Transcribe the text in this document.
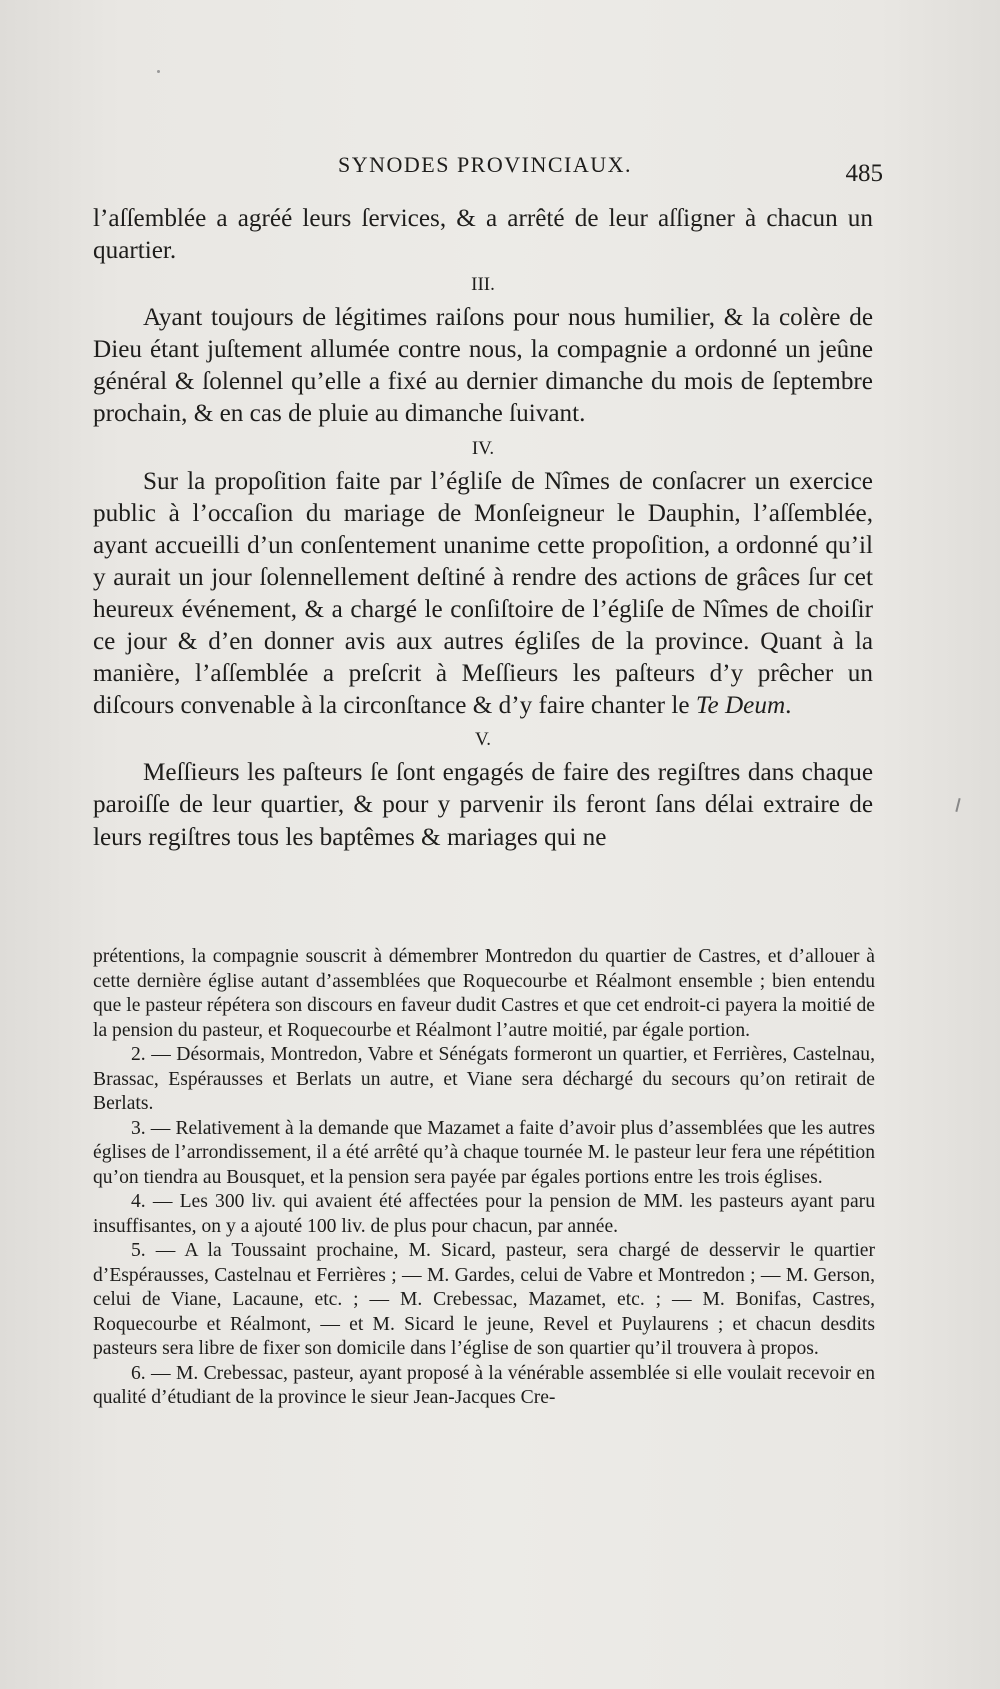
SYNODES PROVINCIAUX.	485

l’aſſemblée a agréé leurs ſervices, & a arrêté de leur aſſigner à chacun un quartier.

III.

Ayant toujours de légitimes raiſons pour nous humilier, & la colère de Dieu étant juſtement allumée contre nous, la compagnie a ordonné un jeûne général & ſolennel qu’elle a fixé au dernier dimanche du mois de ſeptembre prochain, & en cas de pluie au dimanche ſuivant.

IV.

Sur la propoſition faite par l’égliſe de Nîmes de conſacrer un exercice public à l’occaſion du mariage de Monſeigneur le Dauphin, l’aſſemblée, ayant accueilli d’un conſentement unanime cette propoſition, a ordonné qu’il y aurait un jour ſolennellement deſtiné à rendre des actions de grâces ſur cet heureux événement, & a chargé le conſiſtoire de l’égliſe de Nîmes de choiſir ce jour & d’en donner avis aux autres égliſes de la province. Quant à la manière, l’aſſemblée a preſcrit à Meſſieurs les paſteurs d’y prêcher un diſcours convenable à la circonſtance & d’y faire chanter le Te Deum.

V.

Meſſieurs les paſteurs ſe ſont engagés de faire des regiſtres dans chaque paroiſſe de leur quartier, & pour y parvenir ils feront ſans délai extraire de leurs regiſtres tous les baptêmes & mariages qui ne

prétentions, la compagnie souscrit à démembrer Montredon du quartier de Castres, et d’allouer à cette dernière église autant d’assemblées que Roquecourbe et Réalmont ensemble ; bien entendu que le pasteur répétera son discours en faveur dudit Castres et que cet endroit-ci payera la moitié de la pension du pasteur, et Roquecourbe et Réalmont l’autre moitié, par égale portion.

2. — Désormais, Montredon, Vabre et Sénégats formeront un quartier, et Ferrières, Castelnau, Brassac, Espérausses et Berlats un autre, et Viane sera déchargé du secours qu’on retirait de Berlats.

3. — Relativement à la demande que Mazamet a faite d’avoir plus d’assemblées que les autres églises de l’arrondissement, il a été arrêté qu’à chaque tournée M. le pasteur leur fera une répétition qu’on tiendra au Bousquet, et la pension sera payée par égales portions entre les trois églises.

4. — Les 300 liv. qui avaient été affectées pour la pension de MM. les pasteurs ayant paru insuffisantes, on y a ajouté 100 liv. de plus pour chacun, par année.

5. — A la Toussaint prochaine, M. Sicard, pasteur, sera chargé de desservir le quartier d’Espérausses, Castelnau et Ferrières ; — M. Gardes, celui de Vabre et Montredon ; — M. Gerson, celui de Viane, Lacaune, etc. ; — M. Crebessac, Mazamet, etc. ; — M. Bonifas, Castres, Roquecourbe et Réalmont, — et M. Sicard le jeune, Revel et Puylaurens ; et chacun desdits pasteurs sera libre de fixer son domicile dans l’église de son quartier qu’il trouvera à propos.

6. — M. Crebessac, pasteur, ayant proposé à la vénérable assemblée si elle voulait recevoir en qualité d’étudiant de la province le sieur Jean-Jacques Cre-
